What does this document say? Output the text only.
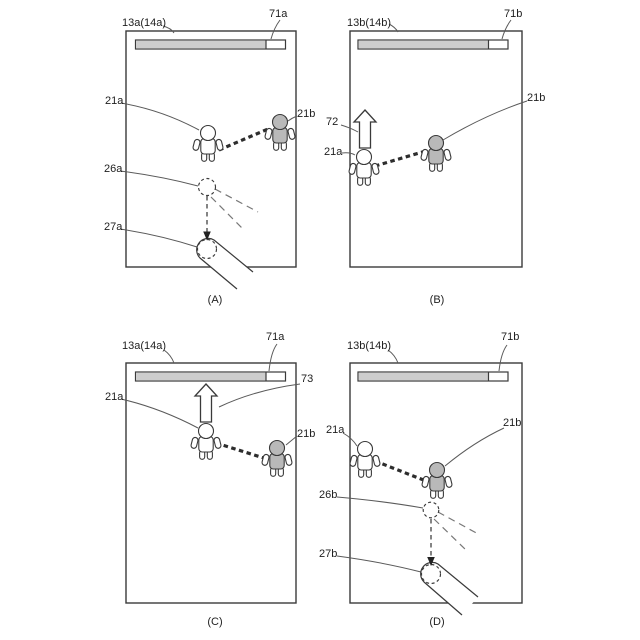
13a(14a)
71a
21a
21b
26a
27a
(A)
13b(14b)
71b
72
21a
21b
(B)
13a(14a)
71a
73
21a
21b
(C)
13b(14b)
71b
21a
21b
26b
27b
(D)
